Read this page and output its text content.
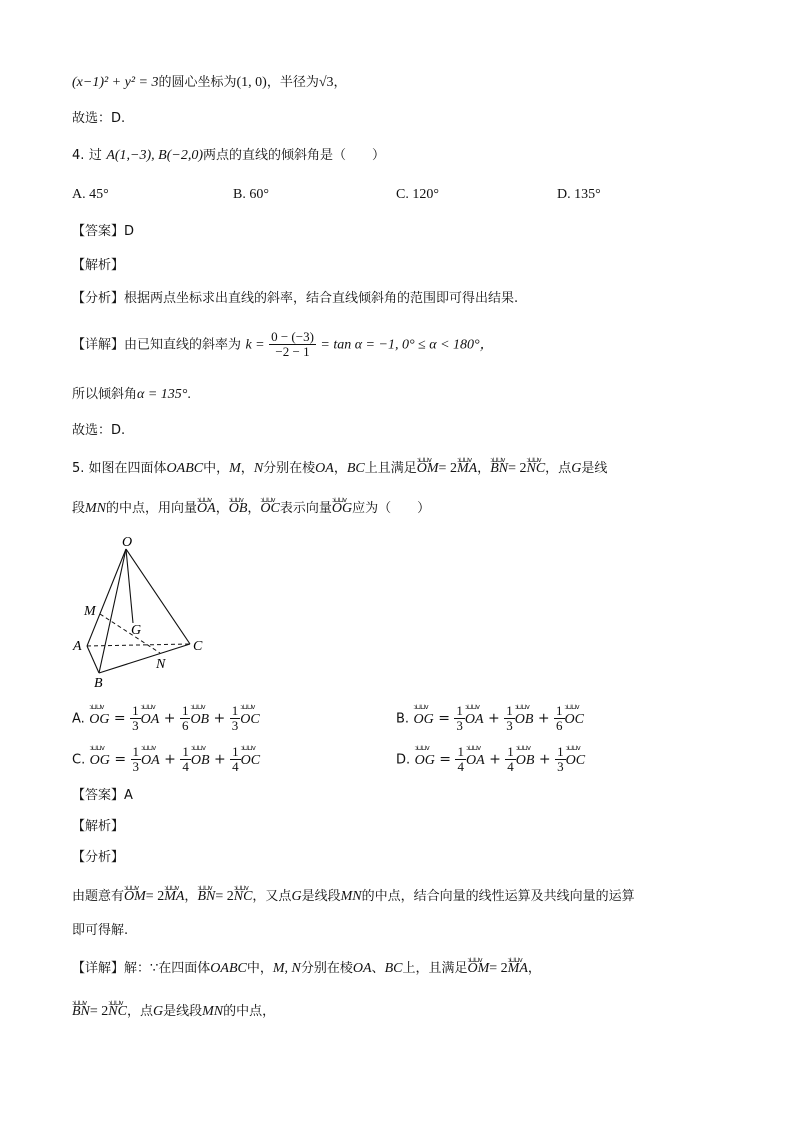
(x−1)² + y² = 3的圆心坐标为(1, 0)，半径为√3，
故选：D.
4. 过 A(1,−3), B(−2,0)两点的直线的倾斜角是（　　）
A. 45°	B. 60°	C. 120°	D. 135°
【答案】D
【解析】
【分析】根据两点坐标求出直线的斜率，结合直线倾斜角的范围即可得出结果.
【详解】由已知直线的斜率为 $k = \frac{0 - (-3)}{-2 - 1} = \tan \alpha = -1$, 0° ≤ α < 180°，
所以倾斜角α = 135°.
故选：D.
5. 如图在四面体OABC中，M，N分别在棱OA，BC上且满足ↄ⊔⊔ⅴ OM= 2ↄ⊔⊔ⅴ MA，ↄ⊔⊔ⅴ BN= 2ↄ⊔⊔ⅴ NC，点G是线
段MN的中点，用向量ↄ⊔⊔ⅴ OA，ↄ⊔⊔ⅴ OB，ↄ⊔⊔ⅴ OC表示向量ↄ⊔⊔ⅴ OG应为（　　）
O
M
G
A	C
N
B
A. ↄ⊔⊔ⅴ OG = $\frac{1}{3}$ ↄ⊔⊔ⅴ OA + $\frac{1}{6}$ ↄ⊔⊔ⅴ OB + $\frac{1}{3}$ ↄ⊔⊔ⅴ OC	B. ↄ⊔⊔ⅴ OG = $\frac{1}{3}$ ↄ⊔⊔ⅴ OA + $\frac{1}{3}$ ↄ⊔⊔ⅴ OB + $\frac{1}{6}$ ↄ⊔⊔ⅴ OC
C. ↄ⊔⊔ⅴ OG = $\frac{1}{3}$ ↄ⊔⊔ⅴ OA + $\frac{1}{4}$ ↄ⊔⊔ⅴ OB + $\frac{1}{4}$ ↄ⊔⊔ⅴ OC	D. ↄ⊔⊔ⅴ OG = $\frac{1}{4}$ ↄ⊔⊔ⅴ OA + $\frac{1}{4}$ ↄ⊔⊔ⅴ OB + $\frac{1}{3}$ ↄ⊔⊔ⅴ OC
【答案】A
【解析】
【分析】
由题意有ↄ⊔⊔ⅴ OM= 2ↄ⊔⊔ⅴ MA，ↄ⊔⊔ⅴ BN= 2ↄ⊔⊔ⅴ NC，又点G是线段MN的中点，结合向量的线性运算及共线向量的运算
即可得解.
【详解】解：∵在四面体OABC中，M, N分别在棱OA、BC上，且满足ↄ⊔⊔ⅴ OM= 2ↄ⊔⊔ⅴ MA，
ↄ⊔⊔ⅴ BN= 2ↄ⊔⊔ⅴ NC，点G是线段MN的中点，
